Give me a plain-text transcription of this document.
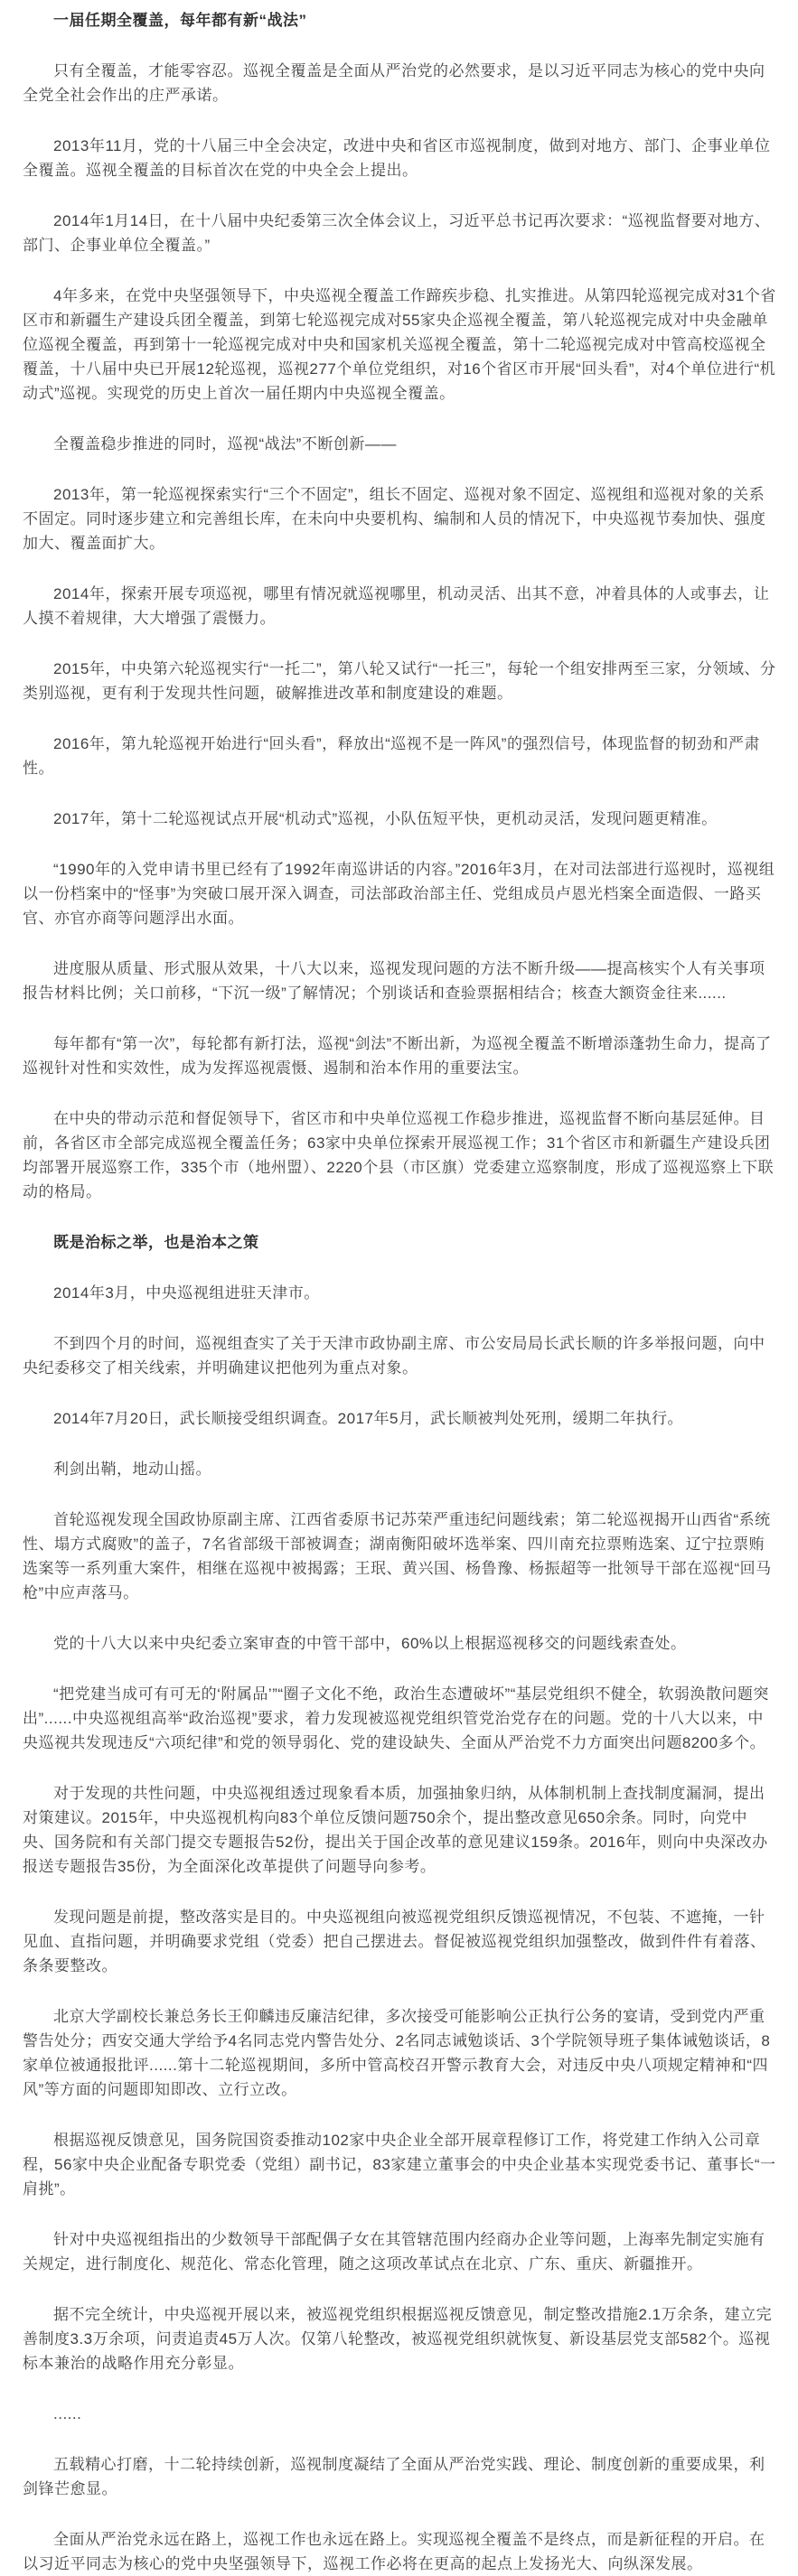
一届任期全覆盖，每年都有新“战法”

只有全覆盖，才能零容忍。巡视全覆盖是全面从严治党的必然要求，是以习近平同志为核心的党中央向全党全社会作出的庄严承诺。

2013年11月，党的十八届三中全会决定，改进中央和省区市巡视制度，做到对地方、部门、企事业单位全覆盖。巡视全覆盖的目标首次在党的中央全会上提出。

2014年1月14日，在十八届中央纪委第三次全体会议上，习近平总书记再次要求：“巡视监督要对地方、部门、企事业单位全覆盖。”

4年多来，在党中央坚强领导下，中央巡视全覆盖工作蹄疾步稳、扎实推进。从第四轮巡视完成对31个省区市和新疆生产建设兵团全覆盖，到第七轮巡视完成对55家央企巡视全覆盖，第八轮巡视完成对中央金融单位巡视全覆盖，再到第十一轮巡视完成对中央和国家机关巡视全覆盖，第十二轮巡视完成对中管高校巡视全覆盖，十八届中央已开展12轮巡视，巡视277个单位党组织，对16个省区市开展“回头看”，对4个单位进行“机动式”巡视。实现党的历史上首次一届任期内中央巡视全覆盖。

全覆盖稳步推进的同时，巡视“战法”不断创新——

2013年，第一轮巡视探索实行“三个不固定”，组长不固定、巡视对象不固定、巡视组和巡视对象的关系不固定。同时逐步建立和完善组长库，在未向中央要机构、编制和人员的情况下，中央巡视节奏加快、强度加大、覆盖面扩大。

2014年，探索开展专项巡视，哪里有情况就巡视哪里，机动灵活、出其不意，冲着具体的人或事去，让人摸不着规律，大大增强了震慑力。

2015年，中央第六轮巡视实行“一托二”，第八轮又试行“一托三”，每轮一个组安排两至三家，分领域、分类别巡视，更有利于发现共性问题，破解推进改革和制度建设的难题。

2016年，第九轮巡视开始进行“回头看”，释放出“巡视不是一阵风”的强烈信号，体现监督的韧劲和严肃性。

2017年，第十二轮巡视试点开展“机动式”巡视，小队伍短平快，更机动灵活，发现问题更精准。

“1990年的入党申请书里已经有了1992年南巡讲话的内容。”2016年3月，在对司法部进行巡视时，巡视组以一份档案中的“怪事”为突破口展开深入调查，司法部政治部主任、党组成员卢恩光档案全面造假、一路买官、亦官亦商等问题浮出水面。

进度服从质量、形式服从效果，十八大以来，巡视发现问题的方法不断升级——提高核实个人有关事项报告材料比例；关口前移，“下沉一级”了解情况；个别谈话和查验票据相结合；核查大额资金往来......

每年都有“第一次”，每轮都有新打法，巡视“剑法”不断出新，为巡视全覆盖不断增添蓬勃生命力，提高了巡视针对性和实效性，成为发挥巡视震慑、遏制和治本作用的重要法宝。

在中央的带动示范和督促领导下，省区市和中央单位巡视工作稳步推进，巡视监督不断向基层延伸。目前，各省区市全部完成巡视全覆盖任务；63家中央单位探索开展巡视工作；31个省区市和新疆生产建设兵团均部署开展巡察工作，335个市（地州盟）、2220个县（市区旗）党委建立巡察制度，形成了巡视巡察上下联动的格局。

既是治标之举，也是治本之策

2014年3月，中央巡视组进驻天津市。

不到四个月的时间，巡视组查实了关于天津市政协副主席、市公安局局长武长顺的许多举报问题，向中央纪委移交了相关线索，并明确建议把他列为重点对象。

2014年7月20日，武长顺接受组织调查。2017年5月，武长顺被判处死刑，缓期二年执行。

利剑出鞘，地动山摇。

首轮巡视发现全国政协原副主席、江西省委原书记苏荣严重违纪问题线索；第二轮巡视揭开山西省“系统性、塌方式腐败”的盖子，7名省部级干部被调查；湖南衡阳破坏选举案、四川南充拉票贿选案、辽宁拉票贿选案等一系列重大案件，相继在巡视中被揭露；王珉、黄兴国、杨鲁豫、杨振超等一批领导干部在巡视“回马枪”中应声落马。

党的十八大以来中央纪委立案审查的中管干部中，60%以上根据巡视移交的问题线索查处。

“把党建当成可有可无的‘附属品’”“圈子文化不绝，政治生态遭破坏”“基层党组织不健全，软弱涣散问题突出”......中央巡视组高举“政治巡视”要求，着力发现被巡视党组织管党治党存在的问题。党的十八大以来，中央巡视共发现违反“六项纪律”和党的领导弱化、党的建设缺失、全面从严治党不力方面突出问题8200多个。

对于发现的共性问题，中央巡视组透过现象看本质，加强抽象归纳，从体制机制上查找制度漏洞，提出对策建议。2015年，中央巡视机构向83个单位反馈问题750余个，提出整改意见650余条。同时，向党中央、国务院和有关部门提交专题报告52份，提出关于国企改革的意见建议159条。2016年，则向中央深改办报送专题报告35份，为全面深化改革提供了问题导向参考。

发现问题是前提，整改落实是目的。中央巡视组向被巡视党组织反馈巡视情况，不包装、不遮掩，一针见血、直指问题，并明确要求党组（党委）把自己摆进去。督促被巡视党组织加强整改，做到件件有着落、条条要整改。

北京大学副校长兼总务长王仰麟违反廉洁纪律，多次接受可能影响公正执行公务的宴请，受到党内严重警告处分；西安交通大学给予4名同志党内警告处分、2名同志诫勉谈话、3个学院领导班子集体诫勉谈话，8家单位被通报批评......第十二轮巡视期间，多所中管高校召开警示教育大会，对违反中央八项规定精神和“四风”等方面的问题即知即改、立行立改。

根据巡视反馈意见，国务院国资委推动102家中央企业全部开展章程修订工作，将党建工作纳入公司章程，56家中央企业配备专职党委（党组）副书记，83家建立董事会的中央企业基本实现党委书记、董事长“一肩挑”。

针对中央巡视组指出的少数领导干部配偶子女在其管辖范围内经商办企业等问题，上海率先制定实施有关规定，进行制度化、规范化、常态化管理，随之这项改革试点在北京、广东、重庆、新疆推开。

据不完全统计，中央巡视开展以来，被巡视党组织根据巡视反馈意见，制定整改措施2.1万余条，建立完善制度3.3万余项，问责追责45万人次。仅第八轮整改，被巡视党组织就恢复、新设基层党支部582个。巡视标本兼治的战略作用充分彰显。

......

五载精心打磨，十二轮持续创新，巡视制度凝结了全面从严治党实践、理论、制度创新的重要成果，利剑锋芒愈显。

全面从严治党永远在路上，巡视工作也永远在路上。实现巡视全覆盖不是终点，而是新征程的开启。在以习近平同志为核心的党中央坚强领导下，巡视工作必将在更高的起点上发扬光大、向纵深发展。
